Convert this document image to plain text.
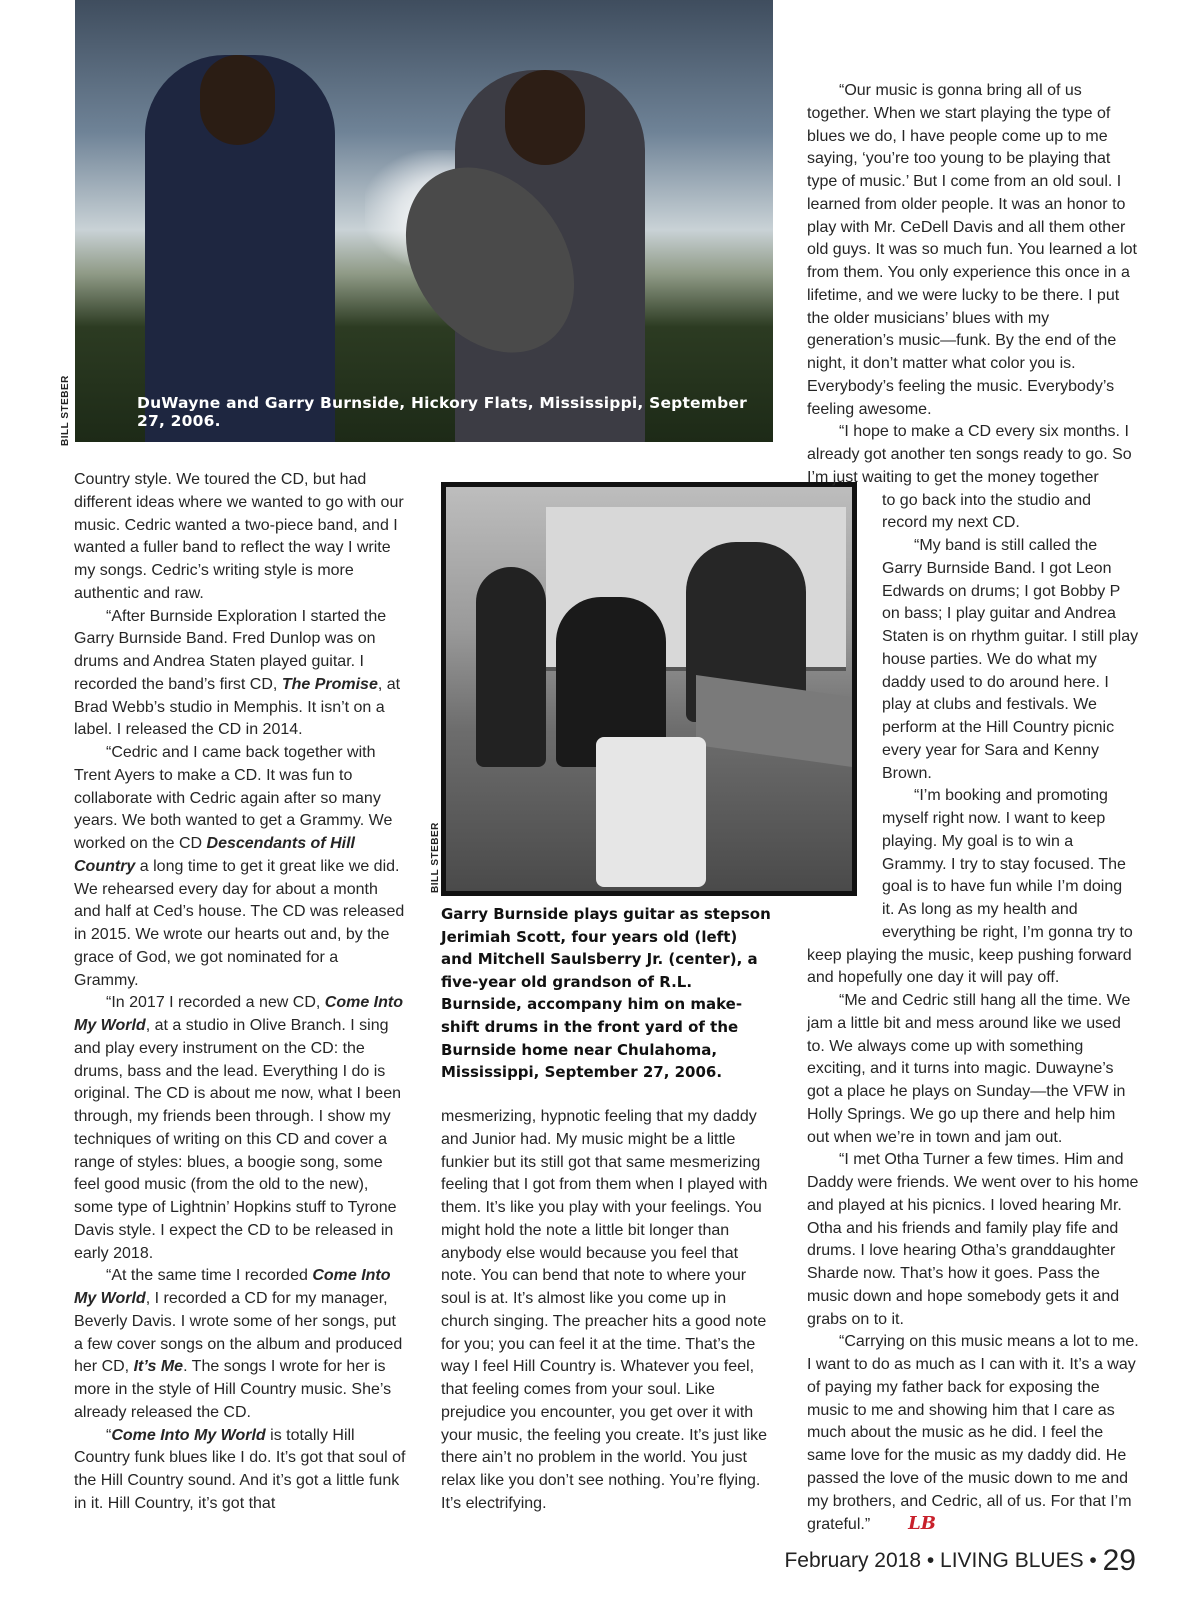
DuWayne and Garry Burnside, Hickory Flats, Mississippi, September 27, 2006.
BILL STEBER

Country style. We toured the CD, but had different ideas where we wanted to go with our music. Cedric wanted a two-piece band, and I wanted a fuller band to reflect the way I write my songs. Cedric’s writing style is more authentic and raw.

“After Burnside Exploration I started the Garry Burnside Band. Fred Dunlop was on drums and Andrea Staten played guitar. I recorded the band’s first CD, The Promise, at Brad Webb’s studio in Memphis. It isn’t on a label. I released the CD in 2014.

“Cedric and I came back together with Trent Ayers to make a CD. It was fun to collaborate with Cedric again after so many years. We both wanted to get a Grammy. We worked on the CD Descendants of Hill Country a long time to get it great like we did. We rehearsed every day for about a month and half at Ced’s house. The CD was released in 2015. We wrote our hearts out and, by the grace of God, we got nominated for a Grammy.

“In 2017 I recorded a new CD, Come Into My World, at a studio in Olive Branch. I sing and play every instrument on the CD: the drums, bass and the lead. Everything I do is original. The CD is about me now, what I been through, my friends been through. I show my techniques of writing on this CD and cover a range of styles: blues, a boogie song, some feel good music (from the old to the new), some type of Lightnin’ Hopkins stuff to Tyrone Davis style. I expect the CD to be released in early 2018.

“At the same time I recorded Come Into My World, I recorded a CD for my manager, Beverly Davis. I wrote some of her songs, put a few cover songs on the album and produced her CD, It’s Me. The songs I wrote for her is more in the style of Hill Country music. She’s already released the CD.

“Come Into My World is totally Hill Country funk blues like I do. It’s got that soul of the Hill Country sound. And it’s got a little funk in it. Hill Country, it’s got that

BILL STEBER
Garry Burnside plays guitar as stepson Jerimiah Scott, four years old (left) and Mitchell Saulsberry Jr. (center), a five-year old grandson of R.L. Burnside, accompany him on make-shift drums in the front yard of the Burnside home near Chulahoma, Mississippi, September 27, 2006.

mesmerizing, hypnotic feeling that my daddy and Junior had. My music might be a little funkier but its still got that same mesmerizing feeling that I got from them when I played with them. It’s like you play with your feelings. You might hold the note a little bit longer than anybody else would because you feel that note. You can bend that note to where your soul is at. It’s almost like you come up in church singing. The preacher hits a good note for you; you can feel it at the time. That’s the way I feel Hill Country is. Whatever you feel, that feeling comes from your soul. Like prejudice you encounter, you get over it with your music, the feeling you create. It’s just like there ain’t no problem in the world. You just relax like you don’t see nothing. You’re flying. It’s electrifying.

“Our music is gonna bring all of us together. When we start playing the type of blues we do, I have people come up to me saying, ‘you’re too young to be playing that type of music.’ But I come from an old soul. I learned from older people. It was an honor to play with Mr. CeDell Davis and all them other old guys. It was so much fun. You learned a lot from them. You only experience this once in a lifetime, and we were lucky to be there. I put the older musicians’ blues with my generation’s music—funk. By the end of the night, it don’t matter what color you is. Everybody’s feeling the music. Everybody’s feeling awesome.

“I hope to make a CD every six months. I already got another ten songs ready to go. So I’m just waiting to get the money together

to go back into the studio and record my next CD.

“My band is still called the Garry Burnside Band. I got Leon Edwards on drums; I got Bobby P on bass; I play guitar and Andrea Staten is on rhythm guitar. I still play house parties. We do what my daddy used to do around here. I play at clubs and festivals. We perform at the Hill Country picnic every year for Sara and Kenny Brown.

“I’m booking and promoting myself right now. I want to keep playing. My goal is to win a Grammy. I try to stay focused. The goal is to have fun while I’m doing it. As long as my health and everything be right, I’m gonna try to

keep playing the music, keep pushing forward and hopefully one day it will pay off.

“Me and Cedric still hang all the time. We jam a little bit and mess around like we used to. We always come up with something exciting, and it turns into magic. Duwayne’s got a place he plays on Sunday—the VFW in Holly Springs. We go up there and help him out when we’re in town and jam out.

“I met Otha Turner a few times. Him and Daddy were friends. We went over to his home and played at his picnics. I loved hearing Mr. Otha and his friends and family play fife and drums. I love hearing Otha’s granddaughter Sharde now. That’s how it goes. Pass the music down and hope somebody gets it and grabs on to it.

“Carrying on this music means a lot to me. I want to do as much as I can with it. It’s a way of paying my father back for exposing the music to me and showing him that I care as much about the music as he did. I feel the same love for the music as my daddy did. He passed the love of the music down to me and my brothers, and Cedric, all of us. For that I’m grateful.” LB

February 2018 • LIVING BLUES • 29
